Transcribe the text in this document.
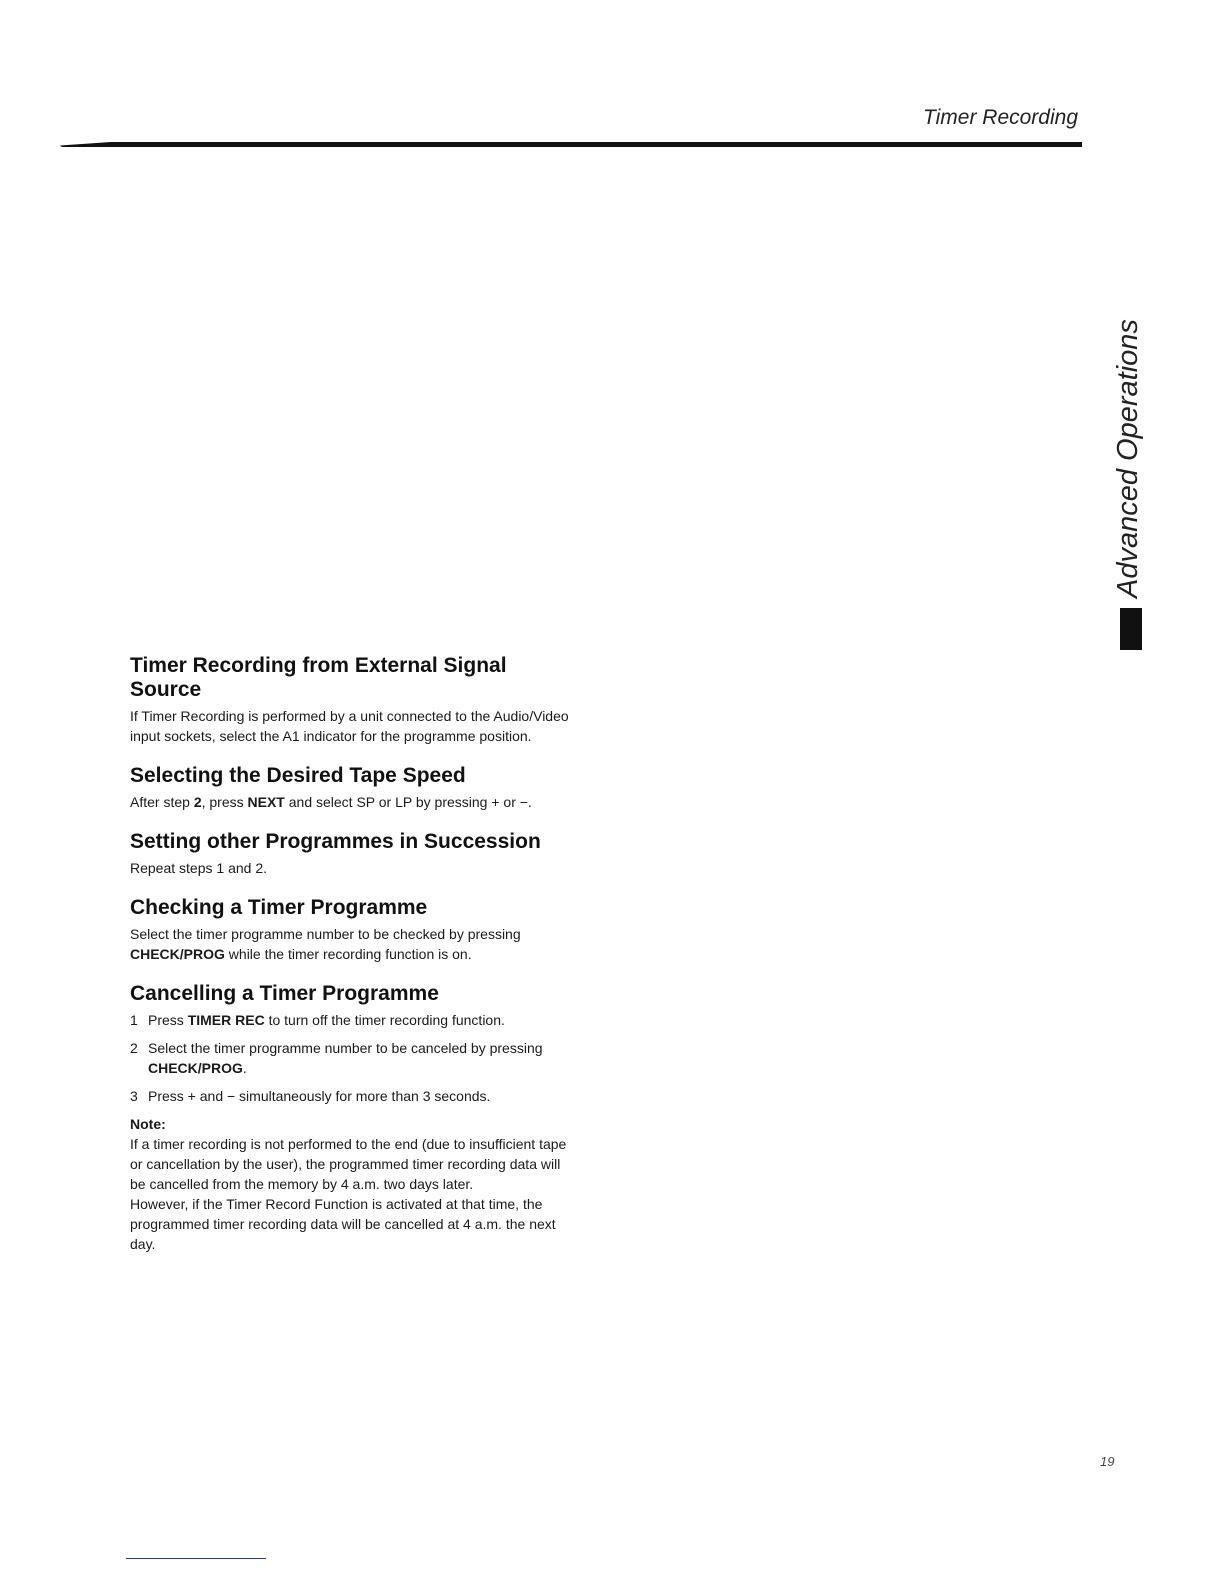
Timer Recording
Advanced Operations
Timer Recording from External Signal Source

If Timer Recording is performed by a unit connected to the Audio/Video input sockets, select the A1 indicator for the programme position.

Selecting the Desired Tape Speed

After step 2, press NEXT and select SP or LP by pressing + or −.

Setting other Programmes in Succession

Repeat steps 1 and 2.

Checking a Timer Programme

Select the timer programme number to be checked by pressing CHECK/PROG while the timer recording function is on.

Cancelling a Timer Programme
1 Press TIMER REC to turn off the timer recording function.
2 Select the timer programme number to be canceled by pressing CHECK/PROG.
3 Press + and − simultaneously for more than 3 seconds.
Note:

If a timer recording is not performed to the end (due to insufficient tape or cancellation by the user), the programmed timer recording data will be cancelled from the memory by 4 a.m. two days later.

However, if the Timer Record Function is activated at that time, the programmed timer recording data will be cancelled at 4 a.m. the next day.

19
